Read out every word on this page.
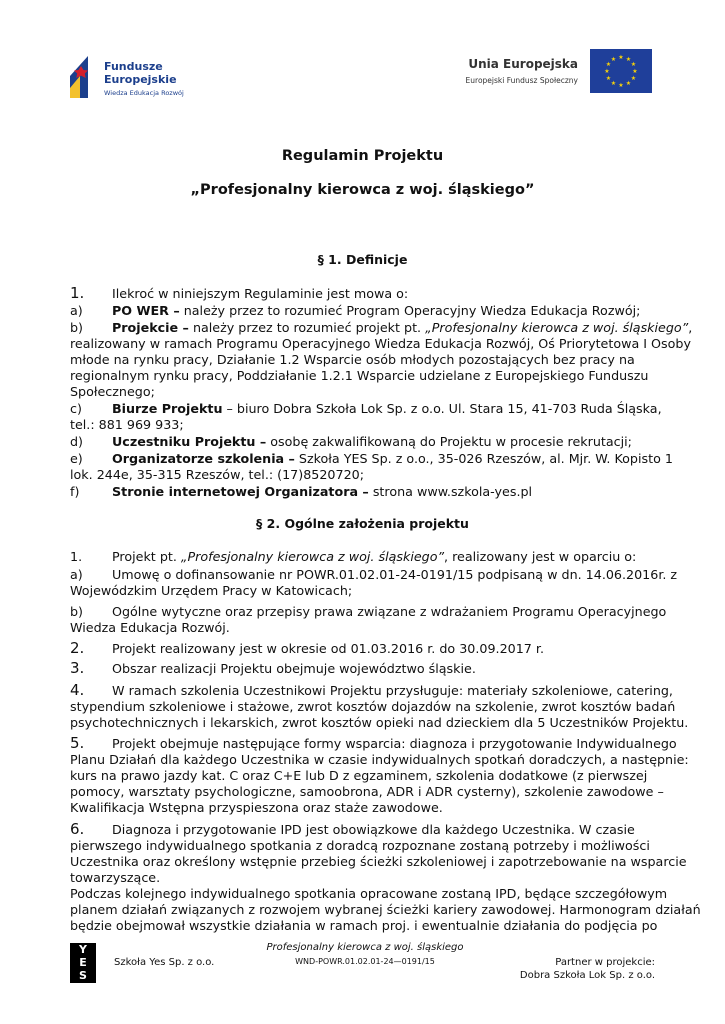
Fundusze
Europejskie
Wiedza Edukacja Rozwój
Unia Europejska
Europejski Fundusz Społeczny
★ ★
★
★
★
★
★
★
★
★
★
★
Regulamin Projektu
„Profesjonalny kierowca z woj. śląskiego”
§ 1. Definicje
1. Ilekroć w niniejszym Regulaminie jest mowa o:
a) PO WER – należy przez to rozumieć Program Operacyjny Wiedza Edukacja Rozwój;
b) Projekcie – należy przez to rozumieć projekt pt. „Profesjonalny kierowca z woj. śląskiego”,
realizowany w ramach Programu Operacyjnego Wiedza Edukacja Rozwój, Oś Priorytetowa I Osoby
młode na rynku pracy, Działanie 1.2 Wsparcie osób młodych pozostających bez pracy na
regionalnym rynku pracy, Poddziałanie 1.2.1 Wsparcie udzielane z Europejskiego Funduszu
Społecznego;
c) Biurze Projektu – biuro Dobra Szkoła Lok Sp. z o.o. Ul. Stara 15, 41-703 Ruda Śląska,
tel.: 881 969 933;
d) Uczestniku Projektu – osobę zakwalifikowaną do Projektu w procesie rekrutacji;
e) Organizatorze szkolenia – Szkoła YES Sp. z o.o., 35-026 Rzeszów, al. Mjr. W. Kopisto 1
lok. 244e, 35-315 Rzeszów, tel.: (17)8520720;
f)	Stronie internetowej Organizatora – strona www.szkola-yes.pl
§ 2. Ogólne założenia projektu
1. Projekt pt. „Profesjonalny kierowca z woj. śląskiego”, realizowany jest w oparciu o:
a) Umowę o dofinansowanie nr POWR.01.02.01-24-0191/15 podpisaną w dn. 14.06.2016r. z
Wojewódzkim Urzędem Pracy w Katowicach;
b) Ogólne wytyczne oraz przepisy prawa związane z wdrażaniem Programu Operacyjnego
Wiedza Edukacja Rozwój.
2. Projekt realizowany jest w okresie od 01.03.2016 r. do 30.09.2017 r.
3. Obszar realizacji Projektu obejmuje województwo śląskie.
4. W ramach szkolenia Uczestnikowi Projektu przysługuje: materiały szkoleniowe, catering,
stypendium szkoleniowe i stażowe, zwrot kosztów dojazdów na szkolenie, zwrot kosztów badań
psychotechnicznych i lekarskich, zwrot kosztów opieki nad dzieckiem dla 5 Uczestników Projektu.
5. Projekt obejmuje następujące formy wsparcia: diagnoza i przygotowanie Indywidualnego
Planu Działań dla każdego Uczestnika w czasie indywidualnych spotkań doradczych, a następnie:
kurs na prawo jazdy kat. C oraz C+E lub D z egzaminem, szkolenia dodatkowe (z pierwszej
pomocy, warsztaty psychologiczne, samoobrona, ADR i ADR cysterny), szkolenie zawodowe –
Kwalifikacja Wstępna przyspieszona oraz staże zawodowe.
6. Diagnoza i przygotowanie IPD jest obowiązkowe dla każdego Uczestnika. W czasie
pierwszego indywidualnego spotkania z doradcą rozpoznane zostaną potrzeby i możliwości
Uczestnika oraz określony wstępnie przebieg ścieżki szkoleniowej i zapotrzebowanie na wsparcie
towarzyszące.
Podczas kolejnego indywidualnego spotkania opracowane zostaną IPD, będące szczegółowym
planem działań związanych z rozwojem wybranej ścieżki kariery zawodowej. Harmonogram działań
będzie obejmował wszystkie działania w ramach proj. i ewentualnie działania do podjęcia po
Y
E
S
Szkoła Yes Sp. z o.o.
Profesjonalny kierowca z woj. śląskiego
WND-POWR.01.02.01-24—0191/15	Partner w projekcie:
Dobra Szkoła Lok Sp. z o.o.
